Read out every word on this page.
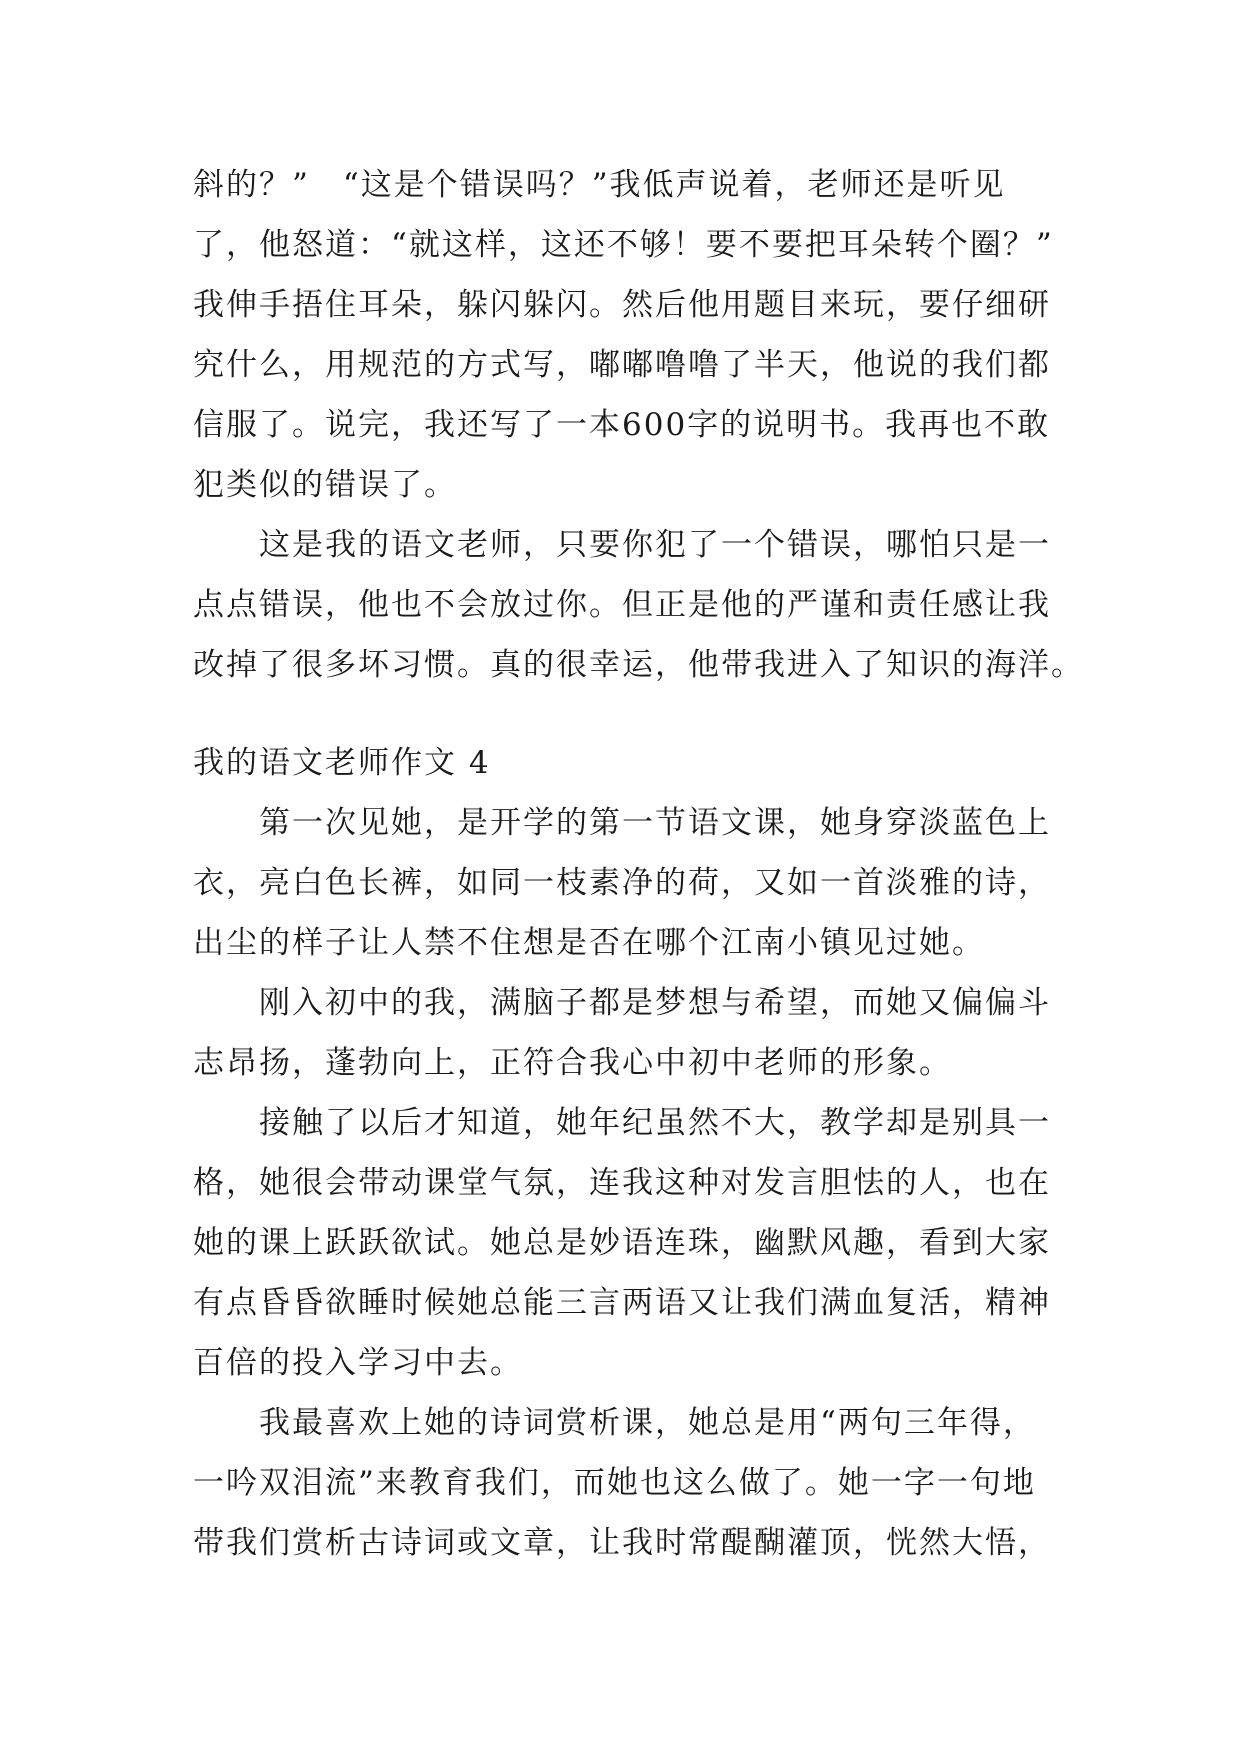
斜的？”　“这是个错误吗？”我低声说着，老师还是听见
了，他怒道：“就这样，这还不够！要不要把耳朵转个圈？”
我伸手捂住耳朵，躲闪躲闪。然后他用题目来玩，要仔细研
究什么，用规范的方式写，嘟嘟噜噜了半天，他说的我们都
信服了。说完，我还写了一本600字的说明书。我再也不敢
犯类似的错误了。
这是我的语文老师，只要你犯了一个错误，哪怕只是一
点点错误，他也不会放过你。但正是他的严谨和责任感让我
改掉了很多坏习惯。真的很幸运，他带我进入了知识的海洋。
我的语文老师作文 4
第一次见她，是开学的第一节语文课，她身穿淡蓝色上
衣，亮白色长裤，如同一枝素净的荷，又如一首淡雅的诗，
出尘的样子让人禁不住想是否在哪个江南小镇见过她。
刚入初中的我，满脑子都是梦想与希望，而她又偏偏斗
志昂扬，蓬勃向上，正符合我心中初中老师的形象。
接触了以后才知道，她年纪虽然不大，教学却是别具一
格，她很会带动课堂气氛，连我这种对发言胆怯的人，也在
她的课上跃跃欲试。她总是妙语连珠，幽默风趣，看到大家
有点昏昏欲睡时候她总能三言两语又让我们满血复活，精神
百倍的投入学习中去。
我最喜欢上她的诗词赏析课，她总是用“两句三年得，
一吟双泪流”来教育我们，而她也这么做了。她一字一句地
带我们赏析古诗词或文章，让我时常醍醐灌顶，恍然大悟，
